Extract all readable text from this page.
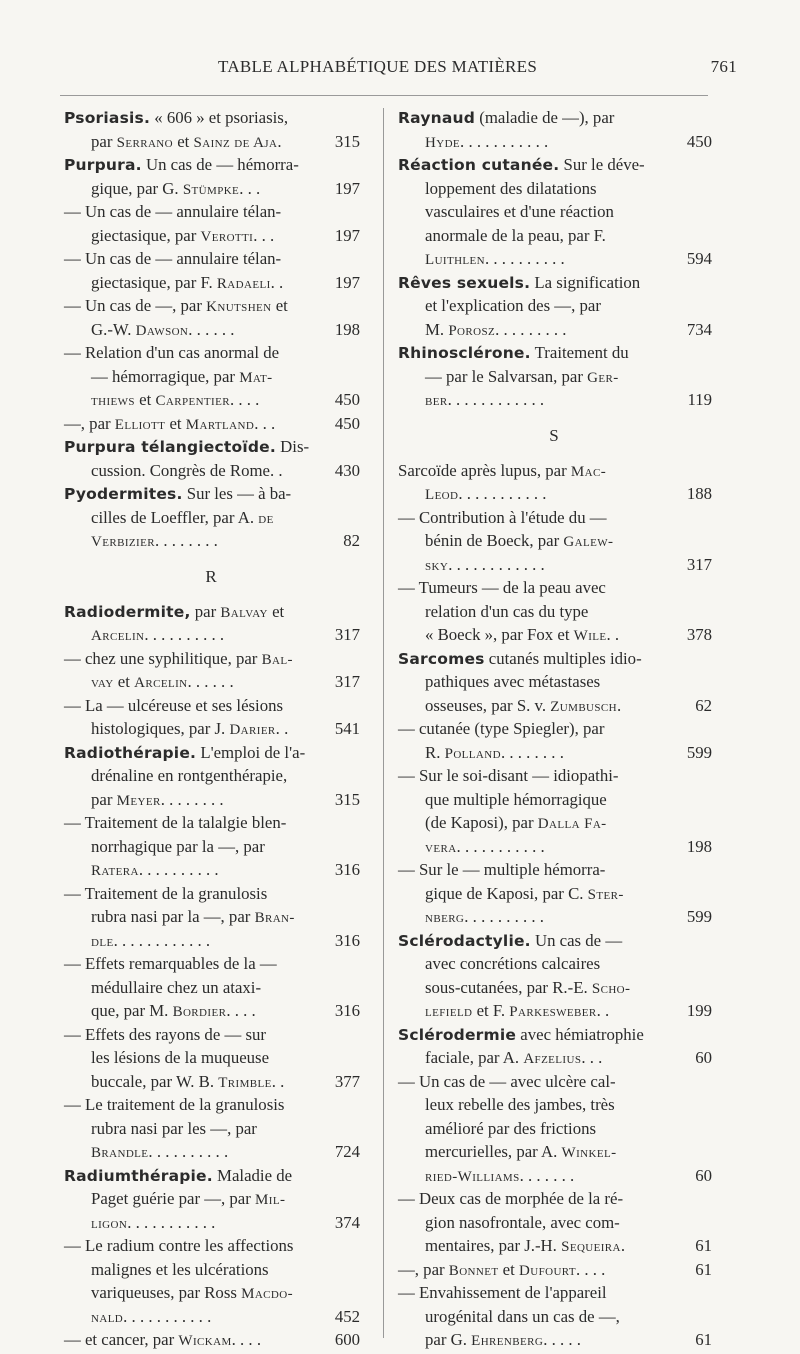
TABLE ALPHABÉTIQUE DES MATIÈRES	761
Psoriasis. « 606 » et psoriasis,
par Serrano et Sainz de Aja.	315
Purpura. Un cas de — hémorra-
gique, par G. Stümpke. . .	197
— Un cas de — annulaire télan-
giectasique, par Verotti. . .	197
— Un cas de — annulaire télan-
giectasique, par F. Radaeli. .	197
— Un cas de —, par Knutshen et
G.-W. Dawson. . . . . .	198
— Relation d'un cas anormal de
— hémorragique, par Mat-
thiews et Carpentier. . . .	450
—, par Elliott et Martland. . .	450
Purpura télangiectoïde. Dis-
cussion. Congrès de Rome. .	430
Pyodermites. Sur les — à ba-
cilles de Loeffler, par A. de
Verbizier. . . . . . . .	82
R
Radiodermite, par Balvay et
Arcelin. . . . . . . . . .	317
— chez une syphilitique, par Bal-
vay et Arcelin. . . . . .	317
— La — ulcéreuse et ses lésions
histologiques, par J. Darier. .	541
Radiothérapie. L'emploi de l'a-
drénaline en rontgenthérapie,
par Meyer. . . . . . . .	315
— Traitement de la talalgie blen-
norrhagique par la —, par
Ratera. . . . . . . . . .	316
— Traitement de la granulosis
rubra nasi par la —, par Bran-
dle. . . . . . . . . . . .	316
— Effets remarquables de la —
médullaire chez un ataxi-
que, par M. Bordier. . . .	316
— Effets des rayons de — sur
les lésions de la muqueuse
buccale, par W. B. Trimble. .	377
— Le traitement de la granulosis
rubra nasi par les —, par
Brandle. . . . . . . . . .	724
Radiumthérapie. Maladie de
Paget guérie par —, par Mil-
ligon. . . . . . . . . . .	374
— Le radium contre les affections
malignes et les ulcérations
variqueuses, par Ross Macdo-
nald. . . . . . . . . . .	452
— et cancer, par Wickam. . . .	600
Raynaud (maladie de —), par
Hyde. . . . . . . . . . .	450
Réaction cutanée. Sur le déve-
loppement des dilatations
vasculaires et d'une réaction
anormale de la peau, par F.
Luithlen. . . . . . . . . .	594
Rêves sexuels. La signification
et l'explication des —, par
M. Porosz. . . . . . . . .	734
Rhinosclérone. Traitement du
— par le Salvarsan, par Ger-
ber. . . . . . . . . . . .	119
S
Sarcoïde après lupus, par Mac-
Leod. . . . . . . . . . .	188
— Contribution à l'étude du —
bénin de Boeck, par Galew-
sky. . . . . . . . . . . .	317
— Tumeurs — de la peau avec
relation d'un cas du type
« Boeck », par Fox et Wile. .	378
Sarcomes cutanés multiples idio-
pathiques avec métastases
osseuses, par S. v. Zumbusch.	62
— cutanée (type Spiegler), par
R. Polland. . . . . . . .	599
— Sur le soi-disant — idiopathi-
que multiple hémorragique
(de Kaposi), par Dalla Fa-
vera. . . . . . . . . . .	198
— Sur le — multiple hémorra-
gique de Kaposi, par C. Ster-
nberg. . . . . . . . . .	599
Sclérodactylie. Un cas de —
avec concrétions calcaires
sous-cutanées, par R.-E. Scho-
lefield et F. Parkesweber. .	199
Sclérodermie avec hémiatrophie
faciale, par A. Afzelius. . .	60
— Un cas de — avec ulcère cal-
leux rebelle des jambes, très
amélioré par des frictions
mercurielles, par A. Winkel-
ried-Williams. . . . . . .	60
— Deux cas de morphée de la ré-
gion nasofrontale, avec com-
mentaires, par J.-H. Sequeira.	61
—, par Bonnet et Dufourt. . . .	61
— Envahissement de l'appareil
urogénital dans un cas de —,
par G. Ehrenberg. . . . .	61
